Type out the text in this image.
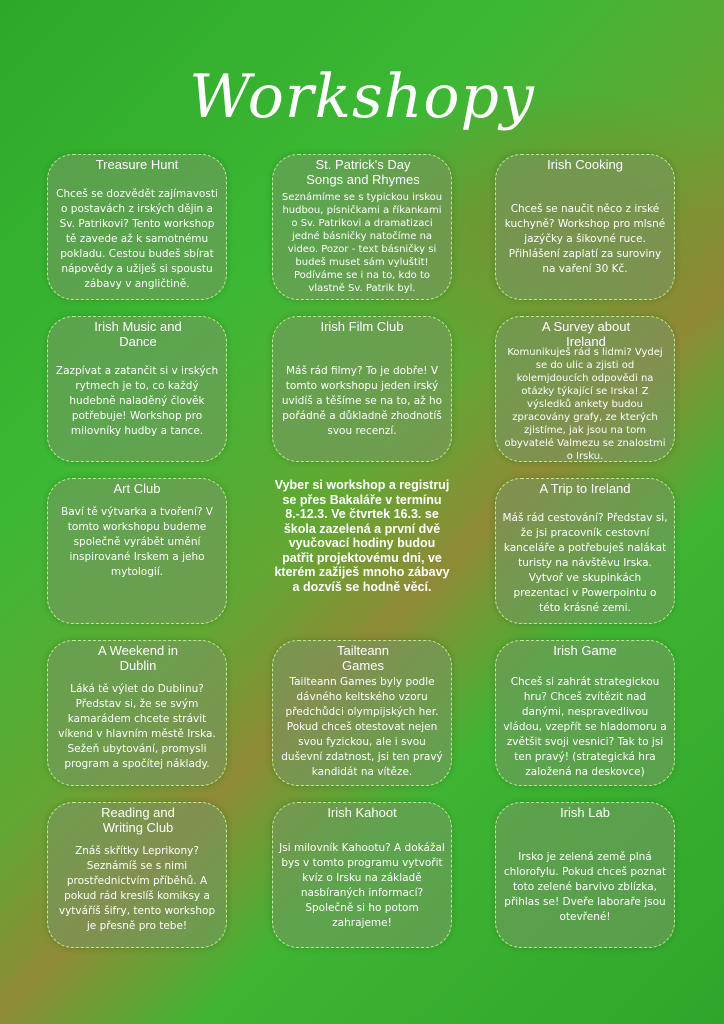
Workshopy
Treasure Hunt
Chceš se dozvědět zajímavosti o postavách z irských dějin a Sv. Patrikovi? Tento workshop tě zavede až k samotnému pokladu. Cestou budeš sbírat nápovědy a užiješ si spoustu zábavy v angličtině.
St. Patrick's Day Songs and Rhymes
Seznámíme se s typickou irskou hudbou, písničkami a říkankami o Sv. Patrikovi a dramatizaci jedné básničky natočíme na video. Pozor - text básničky si budeš muset sám vyluštit! Podíváme se i na to, kdo to vlastně Sv. Patrik byl.
Irish Cooking
Chceš se naučit něco z irské kuchyně? Workshop pro mlsné jazýčky a šikovné ruce. Přihlášení zaplatí za suroviny na vaření 30 Kč.
Irish Music and Dance
Zazpívat a zatančit si v irských rytmech je to, co každý hudebně naladěný člověk potřebuje! Workshop pro milovníky hudby a tance.
Irish Film Club
Máš rád filmy? To je dobře! V tomto workshopu jeden irský uvidíš a těšíme se na to, až ho pořádně a důkladně zhodnotíš svou recenzí.
A Survey about Ireland
Komunikuješ rád s lidmi? Vydej se do ulic a zjisti od kolemjdoucích odpovědi na otázky týkající se Irska! Z výsledků ankety budou zpracovány grafy, ze kterých zjistíme, jak jsou na tom obyvatelé Valmezu se znalostmi o Irsku.
Art Club
Baví tě výtvarka a tvoření? V tomto workshopu budeme společně vyrábět umění inspirované Irskem a jeho mytologií.
Vyber si workshop a registruj se přes Bakaláře v termínu 8.-12.3. Ve čtvrtek 16.3. se škola zazelená a první dvě vyučovací hodiny budou patřit projektovému dni, ve kterém zažiješ mnoho zábavy a dozvíš se hodně věcí.
A Trip to Ireland
Máš rád cestování? Představ si, že jsi pracovník cestovní kanceláře a potřebuješ nalákat turisty na návštěvu Irska. Vytvoř ve skupinkách prezentaci v Powerpointu o této krásné zemi.
A Weekend in Dublin
Láká tě výlet do Dublinu? Představ si, že se svým kamarádem chcete strávit víkend v hlavním městě Irska. Sežeň ubytování, promysli program a spočítej náklady.
Tailteann Games
Tailteann Games byly podle dávného keltského vzoru předchůdci olympijských her. Pokud chceš otestovat nejen svou fyzickou, ale i svou duševní zdatnost, jsi ten pravý kandidát na vítěze.
Irish Game
Chceš si zahrát strategickou hru? Chceš zvítězit nad danými, nespravedlivou vládou, vzepřít se hladomoru a zvětšit svoji vesnici? Tak to jsi ten pravý! (strategická hra založená na deskovce)
Reading and Writing Club
Znáš skřítky Leprikony? Seznámíš se s nimi prostřednictvím příběhů. A pokud rád kreslíš komiksy a vytváříš šifry, tento workshop je přesně pro tebe!
Irish Kahoot
Jsi milovník Kahootu? A dokážal bys v tomto programu vytvořit kvíz o Irsku na základě nasbíraných informací? Společně si ho potom zahrajeme!
Irish Lab
Irsko je zelená země plná chlorofylu. Pokud chceš poznat toto zelené barvivo zblízka, přihlas se! Dveře laboraře jsou otevřené!
